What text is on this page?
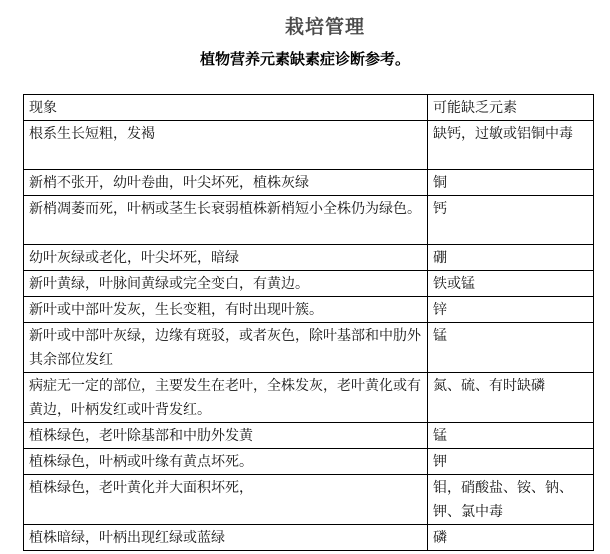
栽培管理
植物营养元素缺素症诊断参考。
现象	可能缺乏元素
根系生长短粗，发褐	缺钙，过敏或铝铜中毒
新梢不张开，幼叶卷曲，叶尖坏死，植株灰绿	铜
新梢凋萎而死，叶柄或茎生长衰弱植株新梢短小全株仍为绿色。	钙
幼叶灰绿或老化，叶尖坏死，暗绿	硼
新叶黄绿，叶脉间黄绿或完全变白，有黄边。	铁或锰
新叶或中部叶发灰，生长变粗，有时出现叶簇。	锌
新叶或中部叶灰绿，边缘有斑驳，或者灰色，除叶基部和中肋外其余部位发红	锰
病症无一定的部位，主要发生在老叶，全株发灰，老叶黄化或有黄边，叶柄发红或叶背发红。	氮、硫、有时缺磷
植株绿色，老叶除基部和中肋外发黄	锰
植株绿色，叶柄或叶缘有黄点坏死。	钾
植株绿色，老叶黄化并大面积坏死，	钼，硝酸盐、铵、钠、钾、氯中毒
植株暗绿，叶柄出现红绿或蓝绿	磷
